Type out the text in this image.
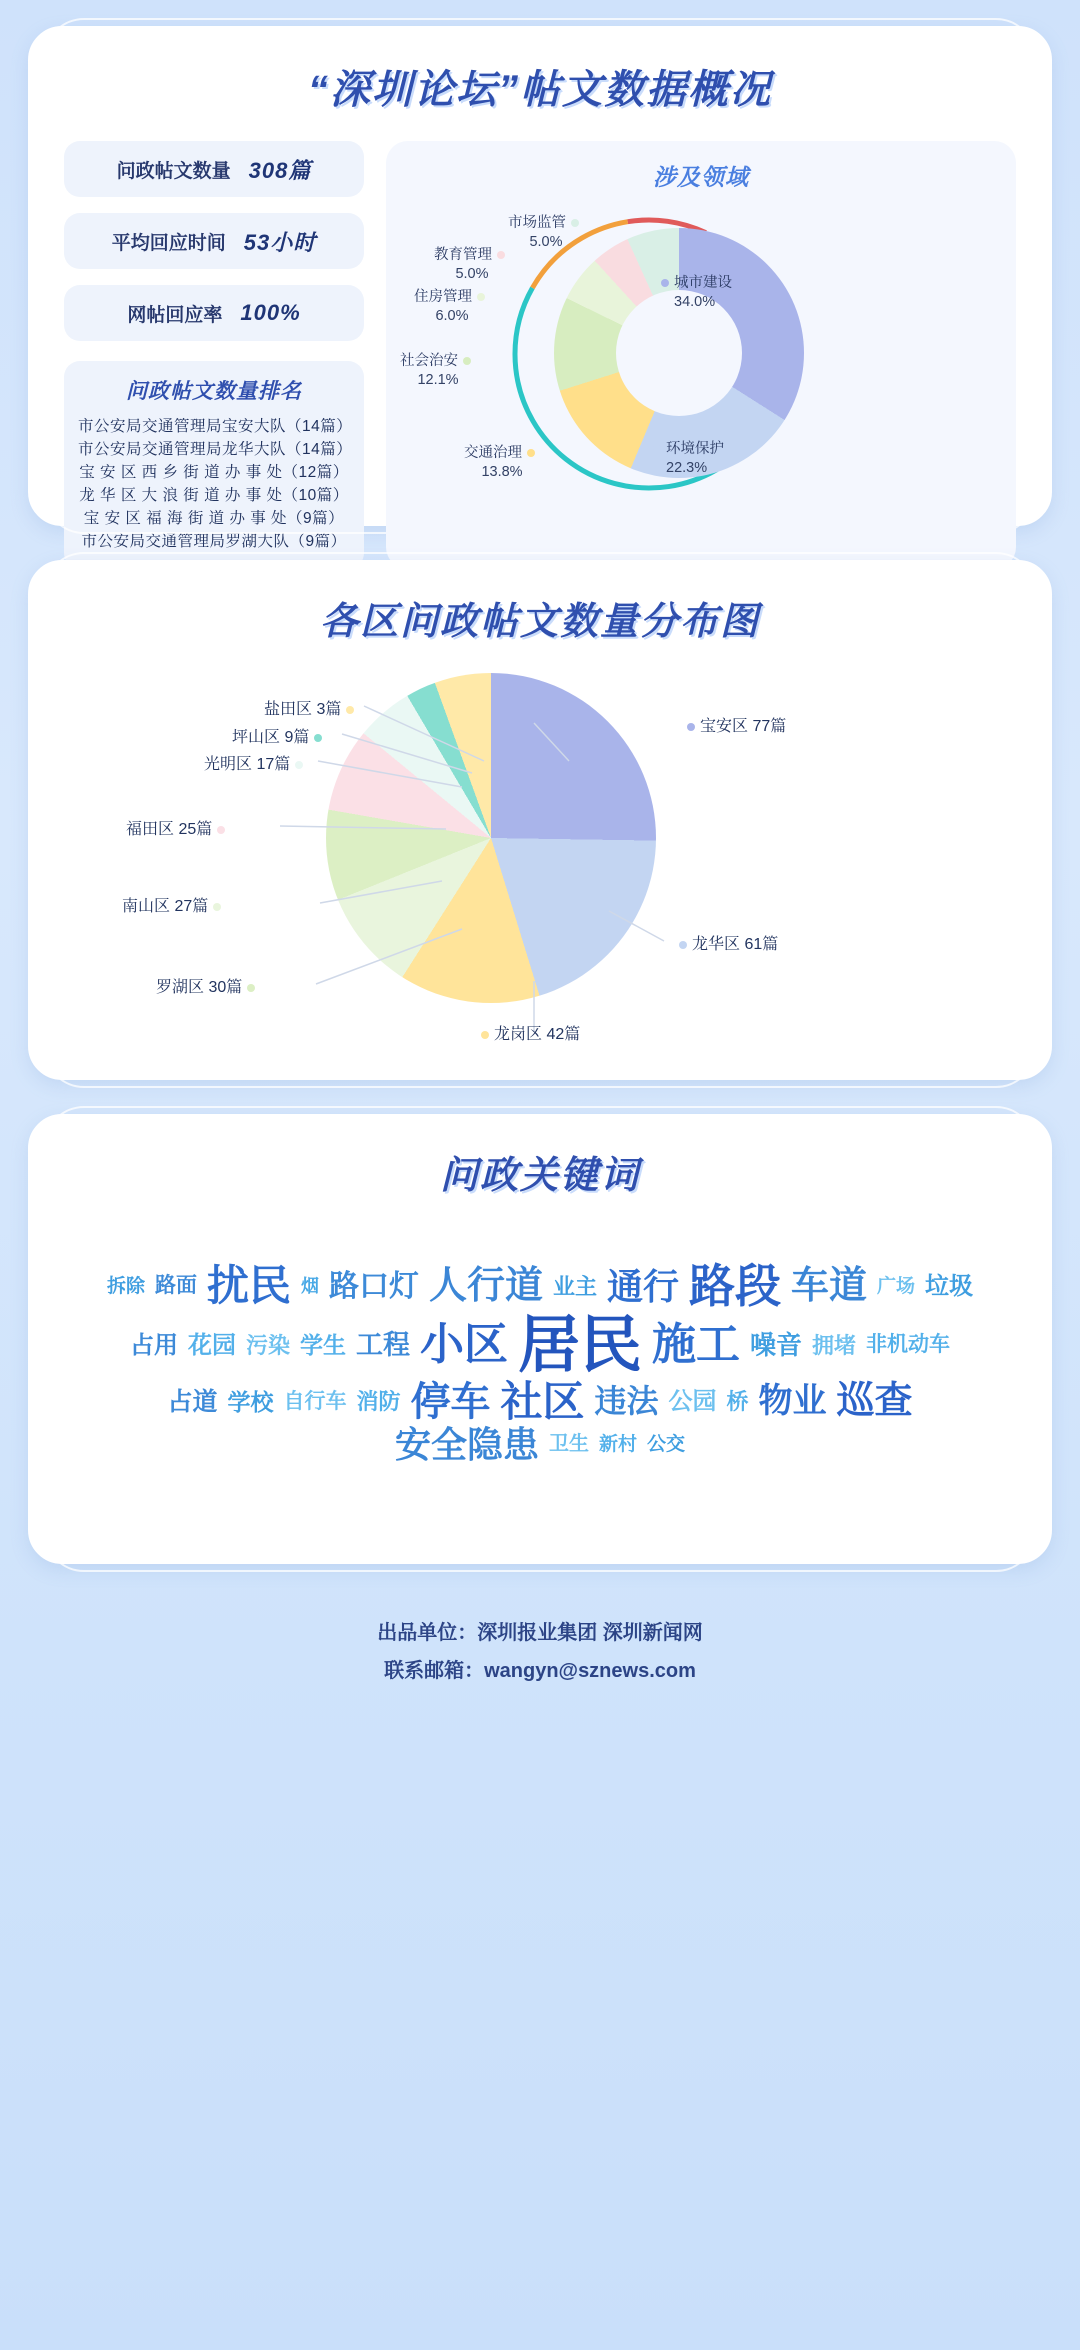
“深圳论坛”帖文数据概况
问政帖文数量 308篇
平均回应时间 53小时
网帖回应率 100%
问政帖文数量排名
市公安局交通管理局宝安大队（14篇）
市公安局交通管理局龙华大队（14篇）
宝 安 区 西 乡 街 道 办 事 处（12篇）
龙 华 区 大 浪 街 道 办 事 处（10篇）
宝 安 区 福 海 街 道 办 事 处（9篇）
市公安局交通管理局罗湖大队（9篇）
涉及领域
市场监管
5.0%
教育管理
5.0%
住房管理
6.0%
社会治安
12.1%
交通治理
13.8%
环境保护
22.3%
城市建设
34.0%
各区问政帖文数量分布图
盐田区 3篇
坪山区 9篇
光明区 17篇
福田区 25篇
南山区 27篇
罗湖区 30篇
龙岗区 42篇
龙华区 61篇
宝安区 77篇
问政关键词
拆除 路面 扰民 烟 路口灯 人行道 业主 通行 路段 车道 广场 垃圾
占用 花园 污染 学生 工程 小区 居民 施工 噪音 拥堵 非机动车
占道 学校 自行车 消防 停车 社区 违法 公园 桥 物业 巡查
安全隐患 卫生 新村 公交
出品单位：深圳报业集团 深圳新闻网
联系邮箱：wangyn@sznews.com
